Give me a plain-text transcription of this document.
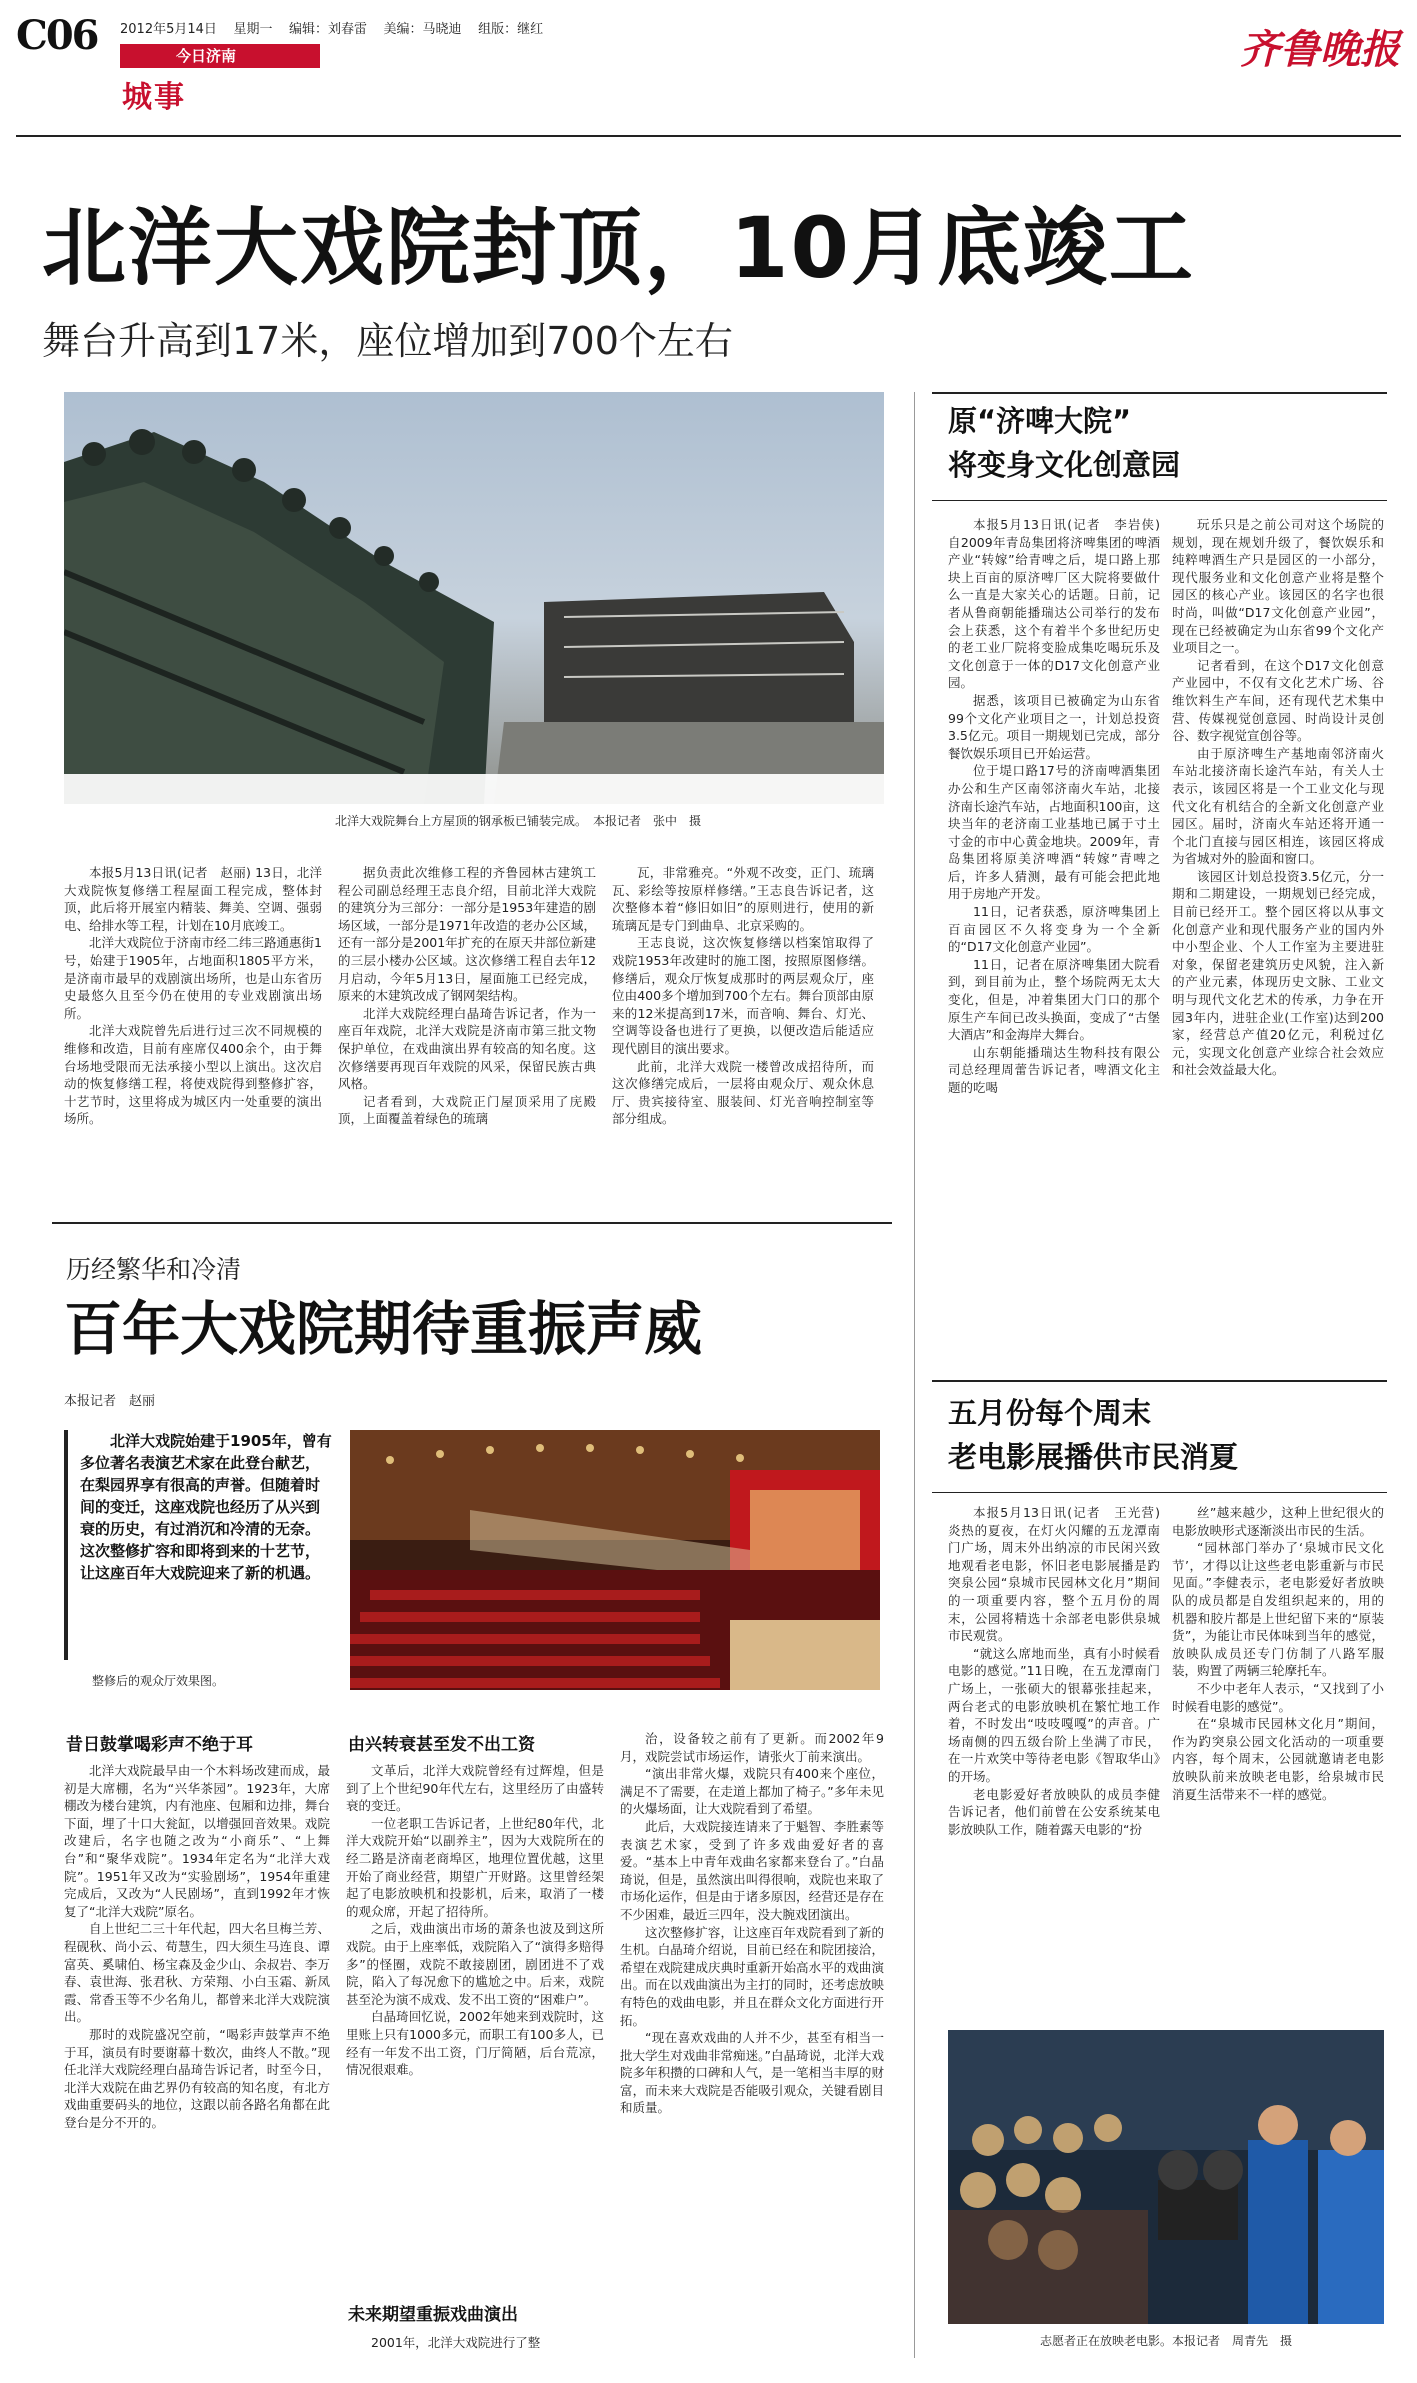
C06 2012年5月14日 星期一 编辑：刘春雷 美编：马晓迪 组版：继红
今日济南
城事
齐鲁晚报
北洋大戏院封顶，10月底竣工
舞台升高到17米，座位增加到700个左右
北洋大戏院舞台上方屋顶的钢承板已铺装完成。　本报记者　张中　摄

本报5月13日讯(记者　赵丽) 13日，北洋大戏院恢复修缮工程屋面工程完成，整体封顶，此后将开展室内精装、舞美、空调、强弱电、给排水等工程，计划在10月底竣工。

北洋大戏院位于济南市经二纬三路通惠街1号，始建于1905年，占地面积1805平方米，是济南市最早的戏剧演出场所，也是山东省历史最悠久且至今仍在使用的专业戏剧演出场所。

北洋大戏院曾先后进行过三次不同规模的维修和改造，目前有座席仅400余个，由于舞台场地受限而无法承接小型以上演出。这次启动的恢复修缮工程，将使戏院得到整修扩容，十艺节时，这里将成为城区内一处重要的演出场所。

据负责此次维修工程的齐鲁园林古建筑工程公司副总经理王志良介绍，目前北洋大戏院的建筑分为三部分：一部分是1953年建造的剧场区域，一部分是1971年改造的老办公区域，还有一部分是2001年扩充的在原天井部位新建的三层小楼办公区域。这次修缮工程自去年12月启动，今年5月13日，屋面施工已经完成，原来的木建筑改成了钢网架结构。

北洋大戏院经理白晶琦告诉记者，作为一座百年戏院，北洋大戏院是济南市第三批文物保护单位，在戏曲演出界有较高的知名度。这次修缮要再现百年戏院的风采，保留民族古典风格。

记者看到，大戏院正门屋顶采用了庑殿顶，上面覆盖着绿色的琉璃

瓦，非常雅亮。“外观不改变，正门、琉璃瓦、彩绘等按原样修缮。”王志良告诉记者，这次整修本着“修旧如旧”的原则进行，使用的新琉璃瓦是专门到曲阜、北京采购的。

王志良说，这次恢复修缮以档案馆取得了戏院1953年改建时的施工图，按照原图修缮。修缮后，观众厅恢复成那时的两层观众厅，座位由400多个增加到700个左右。舞台顶部由原来的12米提高到17米，而音响、舞台、灯光、空调等设备也进行了更换，以便改造后能适应现代剧目的演出要求。

此前，北洋大戏院一楼曾改成招待所，而这次修缮完成后，一层将由观众厅、观众休息厅、贵宾接待室、服装间、灯光音响控制室等部分组成。

历经繁华和冷清
百年大戏院期待重振声威
本报记者　赵丽
北洋大戏院始建于1905年，曾有多位著名表演艺术家在此登台献艺，在梨园界享有很高的声誉。但随着时间的变迁，这座戏院也经历了从兴到衰的历史，有过消沉和冷清的无奈。这次整修扩容和即将到来的十艺节，让这座百年大戏院迎来了新的机遇。
整修后的观众厅效果图。
昔日鼓掌喝彩声不绝于耳

北洋大戏院最早由一个木料场改建而成，最初是大席棚，名为“兴华茶园”。1923年，大席棚改为楼台建筑，内有池座、包厢和边排，舞台下面，埋了十口大瓮缸，以增强回音效果。戏院改建后，名字也随之改为“小商乐”、“上舞台”和“聚华戏院”。1934年定名为“北洋大戏院”。1951年又改为“实验剧场”，1954年重建完成后，又改为“人民剧场”，直到1992年才恢复了“北洋大戏院”原名。

自上世纪二三十年代起，四大名旦梅兰芳、程砚秋、尚小云、荀慧生，四大须生马连良、谭富英、奚啸伯、杨宝森及金少山、余叔岩、李万春、袁世海、张君秋、方荣翔、小白玉霜、新凤霞、常香玉等不少名角儿，都曾来北洋大戏院演出。

那时的戏院盛况空前，“喝彩声鼓掌声不绝于耳，演员有时要谢幕十数次，曲终人不散。”现任北洋大戏院经理白晶琦告诉记者，时至今日，北洋大戏院在曲艺界仍有较高的知名度，有北方戏曲重要码头的地位，这跟以前各路名角都在此登台是分不开的。

由兴转衰甚至发不出工资

文革后，北洋大戏院曾经有过辉煌，但是到了上个世纪90年代左右，这里经历了由盛转衰的变迁。

一位老职工告诉记者，上世纪80年代，北洋大戏院开始“以副养主”，因为大戏院所在的经二路是济南老商埠区，地理位置优越，这里开始了商业经营，期望广开财路。这里曾经架起了电影放映机和投影机，后来，取消了一楼的观众席，开起了招待所。

之后，戏曲演出市场的萧条也波及到这所戏院。由于上座率低，戏院陷入了“演得多赔得多”的怪圈，戏院不敢接剧团，剧团进不了戏院，陷入了每况愈下的尴尬之中。后来，戏院甚至沦为演不成戏、发不出工资的“困难户”。

白晶琦回忆说，2002年她来到戏院时，这里账上只有1000多元，而职工有100多人，已经有一年发不出工资，门厅简陋，后台荒凉，情况很艰难。

未来期望重振戏曲演出

2001年，北洋大戏院进行了整

治，设备较之前有了更新。而2002年9月，戏院尝试市场运作，请张火丁前来演出。

“演出非常火爆，戏院只有400来个座位，满足不了需要，在走道上都加了椅子。”多年未见的火爆场面，让大戏院看到了希望。

此后，大戏院接连请来了于魁智、李胜素等表演艺术家，受到了许多戏曲爱好者的喜爱。“基本上中青年戏曲名家都来登台了。”白晶琦说，但是，虽然演出叫得很响，戏院也来取了市场化运作，但是由于诸多原因，经营还是存在不少困难，最近三四年，没大腕戏团演出。

这次整修扩容，让这座百年戏院看到了新的生机。白晶琦介绍说，目前已经在和院团接洽，希望在戏院建成庆典时重新开始高水平的戏曲演出。而在以戏曲演出为主打的同时，还考虑放映有特色的戏曲电影，并且在群众文化方面进行开拓。

“现在喜欢戏曲的人并不少，甚至有相当一批大学生对戏曲非常痴迷。”白晶琦说，北洋大戏院多年积攒的口碑和人气，是一笔相当丰厚的财富，而未来大戏院是否能吸引观众，关键看剧目和质量。

原“济啤大院”
将变身文化创意园

本报5月13日讯(记者　李岩侠) 自2009年青岛集团将济啤集团的啤酒产业“转嫁”给青啤之后，堤口路上那块上百亩的原济啤厂区大院将要做什么一直是大家关心的话题。日前，记者从鲁商朝能播瑞达公司举行的发布会上获悉，这个有着半个多世纪历史的老工业厂院将变脸成集吃喝玩乐及文化创意于一体的D17文化创意产业园。

据悉，该项目已被确定为山东省99个文化产业项目之一，计划总投资3.5亿元。项目一期规划已完成，部分餐饮娱乐项目已开始运营。

位于堤口路17号的济南啤酒集团办公和生产区南邻济南火车站，北接济南长途汽车站，占地面积100亩，这块当年的老济南工业基地已属于寸土寸金的市中心黄金地块。2009年，青岛集团将原美济啤酒“转嫁”青啤之后，许多人猜测，最有可能会把此地用于房地产开发。

11日，记者获悉，原济啤集团上百亩园区不久将变身为一个全新的“D17文化创意产业园”。

11日，记者在原济啤集团大院看到，到目前为止，整个场院两无太大变化，但是，冲着集团大门口的那个原生产车间已改头换面，变成了“古堡大酒店”和金海岸大舞台。

山东朝能播瑞达生物科技有限公司总经理周蕾告诉记者，啤酒文化主题的吃喝

玩乐只是之前公司对这个场院的规划，现在规划升级了，餐饮娱乐和纯粹啤酒生产只是园区的一小部分，现代服务业和文化创意产业将是整个园区的核心产业。该园区的名字也很时尚，叫做“D17文化创意产业园”，现在已经被确定为山东省99个文化产业项目之一。

记者看到，在这个D17文化创意产业园中，不仅有文化艺术广场、谷维饮料生产车间，还有现代艺术集中营、传媒视觉创意园、时尚设计灵创谷、数字视觉宣创谷等。

由于原济啤生产基地南邻济南火车站北接济南长途汽车站，有关人士表示，该园区将是一个工业文化与现代文化有机结合的全新文化创意产业园区。届时，济南火车站还将开通一个北门直接与园区相连，该园区将成为省城对外的脸面和窗口。

该园区计划总投资3.5亿元，分一期和二期建设，一期规划已经完成，目前已经开工。整个园区将以从事文化创意产业和现代服务产业的国内外中小型企业、个人工作室为主要进驻对象，保留老建筑历史风貌，注入新的产业元素，体现历史文脉、工业文明与现代文化艺术的传承，力争在开园3年内，进驻企业(工作室)达到200家，经营总产值20亿元，利税过亿元，实现文化创意产业综合社会效应和社会效益最大化。

五月份每个周末
老电影展播供市民消夏

本报5月13日讯(记者　王光营) 炎热的夏夜，在灯火闪耀的五龙潭南门广场，周末外出纳凉的市民闲兴致地观看老电影，怀旧老电影展播是趵突泉公园“泉城市民园林文化月”期间的一项重要内容，整个五月份的周末，公园将精选十余部老电影供泉城市民观赏。

“就这么席地而坐，真有小时候看电影的感觉。”11日晚，在五龙潭南门广场上，一张硕大的银幕张挂起来，两台老式的电影放映机在繁忙地工作着，不时发出“吱吱嘎嘎”的声音。广场南侧的四五级台阶上坐满了市民，在一片欢笑中等待老电影《智取华山》的开场。

老电影爱好者放映队的成员李健告诉记者，他们前曾在公安系统某电影放映队工作，随着露天电影的“扮

丝”越来越少，这种上世纪很火的电影放映形式逐渐淡出市民的生活。

“园林部门举办了‘泉城市民文化节’，才得以让这些老电影重新与市民见面。”李健表示，老电影爱好者放映队的成员都是自发组织起来的，用的机器和胶片都是上世纪留下来的“原装货”，为能让市民体味到当年的感觉，放映队成员还专门仿制了八路军服装，购置了两辆三轮摩托车。

不少中老年人表示，“又找到了小时候看电影的感觉”。

在“泉城市民园林文化月”期间，作为趵突泉公园文化活动的一项重要内容，每个周末，公园就邀请老电影放映队前来放映老电影，给泉城市民消夏生活带来不一样的感觉。

志愿者正在放映老电影。本报记者　周青先　摄
